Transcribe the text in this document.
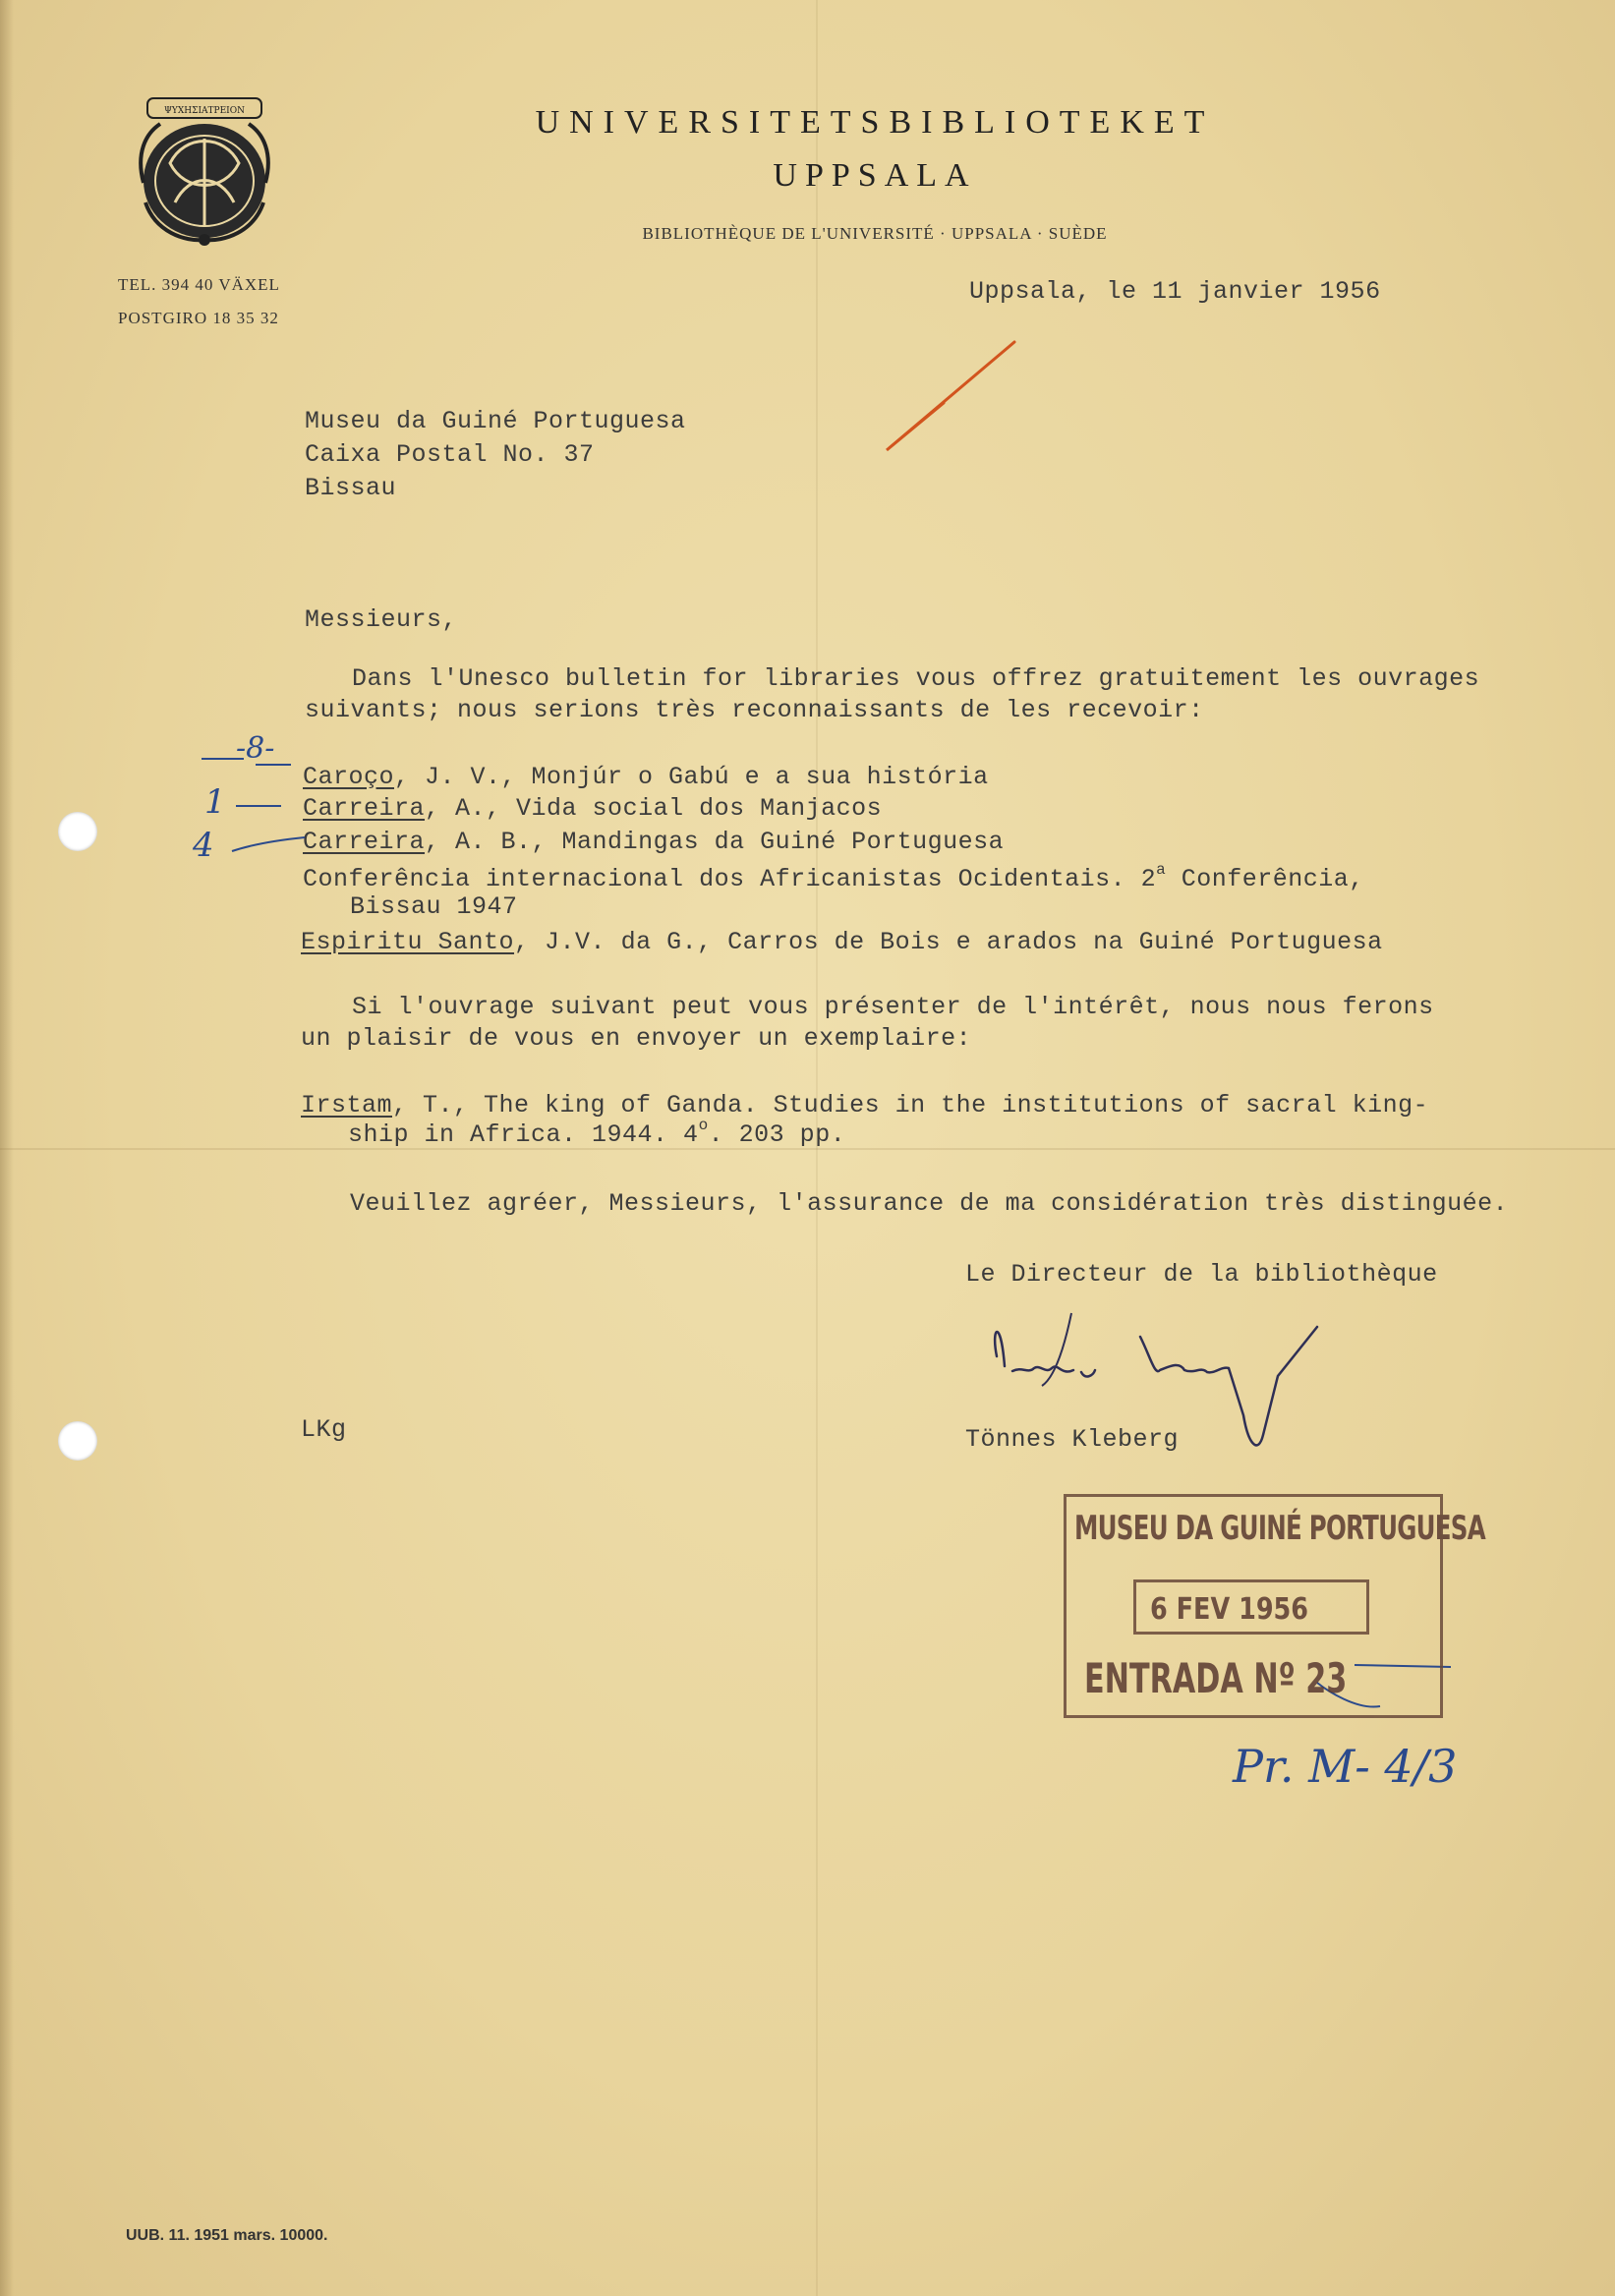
ΨΥΧΗΣΙΑΤΡΕΙΟΝ	UNIVERSITETSBIBLIOTEKET
UPPSALA
BIBLIOTHÈQUE DE L'UNIVERSITÉ · UPPSALA · SUÈDE
TEL. 394 40 VÄXEL
POSTGIRO 18 35 32
Uppsala, le 11 janvier 1956
Museu da Guiné Portuguesa
Caixa Postal No. 37
Bissau
Messieurs,
Dans l'Unesco bulletin for libraries vous offrez gratuitement les ouvrages
suivants; nous serions très reconnaissants de les recevoir:
Caroço, J. V., Monjúr o Gabú e a sua história
Carreira, A., Vida social dos Manjacos
Carreira, A. B., Mandingas da Guiné Portuguesa
Conferência internacional dos Africanistas Ocidentais. 2$^a$ Conferência,
Bissau 1947
Espiritu Santo, J.V. da G., Carros de Bois e arados na Guiné Portuguesa
Si l'ouvrage suivant peut vous présenter de l'intérêt, nous nous ferons
un plaisir de vous en envoyer un exemplaire:
Irstam, T., The king of Ganda. Studies in the institutions of sacral king-
ship in Africa. 1944. 4$^o$. 203 pp.
Veuillez agréer, Messieurs, l'assurance de ma considération très distinguée.
Le Directeur de la bibliothèque
Tönnes Kleberg
LKg
-8-
1
4
Pr. M- 4/3
MUSEU DA GUINÉ PORTUGUESA
6 FEV 1956
ENTRADA Nº 23
UUB. 11. 1951 mars. 10000.
